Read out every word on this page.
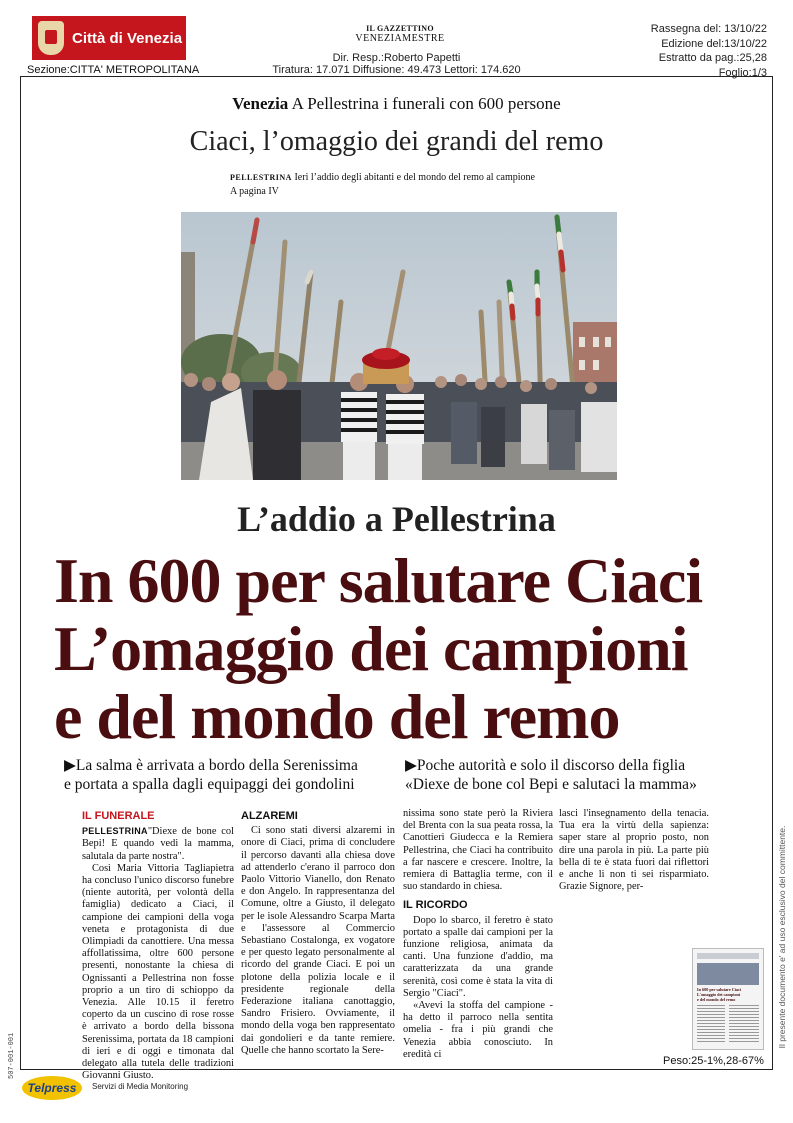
Città di Venezia
Sezione:CITTA' METROPOLITANA
IL GAZZETTINO
VENEZIAMESTRE
Dir. Resp.:Roberto Papetti
Tiratura: 17.071 Diffusione: 49.473 Lettori: 174.620
Rassegna del: 13/10/22
Edizione del:13/10/22
Estratto da pag.:25,28
Foglio:1/3
Venezia A Pellestrina i funerali con 600 persone
Ciaci, l’omaggio dei grandi del remo
PELLESTRINA Ieri l’addio degli abitanti e del mondo del remo al campione
A pagina IV
L’addio a Pellestrina
In 600 per salutare Ciaci
L’omaggio dei campioni
e del mondo del remo
▶La salma è arrivata a bordo della Serenissima
e portata a spalla dagli equipaggi dei gondolini
▶Poche autorità e solo il discorso della figlia
«Diexe de bone col Bepi e salutaci la mamma»
IL FUNERALE

PELLESTRINA"Diexe de bone col Bepi! E quando vedi la mamma, salutala da parte nostra".

Così Maria Vittoria Tagliapietra ha concluso l'unico discorso funebre (niente autorità, per volontà della famiglia) dedicato a Ciaci, il campione dei campioni della voga veneta e protagonista di due Olimpiadi da canottiere. Una messa affollatissima, oltre 600 persone presenti, nonostante la chiesa di Ognissanti a Pellestrina non fosse proprio a un tiro di schioppo da Venezia. Alle 10.15 il feretro coperto da un cuscino di rose rosse è arrivato a bordo della bissona Serenissima, portata da 18 campioni di ieri e di oggi e timonata dal delegato alla tutela delle tradizioni Giovanni Giusto.

ALZAREMI

Ci sono stati diversi alzaremi in onore di Ciaci, prima di concludere il percorso davanti alla chiesa dove ad attenderlo c'erano il parroco don Paolo Vittorio Vianello, don Renato e don Angelo. In rappresentanza del Comune, oltre a Giusto, il delegato per le isole Alessandro Scarpa Marta e l'assessore al Commercio Sebastiano Costalonga, ex vogatore e per questo legato personalmente al ricordo del grande Ciaci. E poi un plotone della polizia locale e il presidente regionale della Federazione italiana canottaggio, Sandro Frisiero. Ovviamente, il mondo della voga ben rappresentato dai gondolieri e da tante remiere. Quelle che hanno scortato la Sere-

nissima sono state però la Riviera del Brenta con la sua peata rossa, la Canottieri Giudecca e la Remiera Pellestrina, che Ciaci ha contribuito a far nascere e crescere. Inoltre, la remiera di Battaglia terme, con il suo standardo in chiesa.

IL RICORDO

Dopo lo sbarco, il feretro è stato portato a spalle dai campioni per la funzione religiosa, animata da canti. Una funzione d'addio, ma caratterizzata da una grande serenità, così come è stata la vita di Sergio "Ciaci".

«Avevi la stoffa del campione - ha detto il parroco nella sentita omelia - fra i più grandi che Venezia abbia conosciuto. In eredità ci

lasci l'insegnamento della tenacia. Tua era la virtù della sapienza: saper stare al proprio posto, non dire una parola in più. La parte più bella di te è stata fuori dai riflettori e anche li non ti sei risparmiato. Grazie Signore, per-

In 600 per salutare Ciaci
L'omaggio dei campioni
e del mondo del remo
Peso:25-1%,28-67%
Il presente documento e' ad uso esclusivo del committente.
507-001-001
Telpress Servizi di Media Monitoring
